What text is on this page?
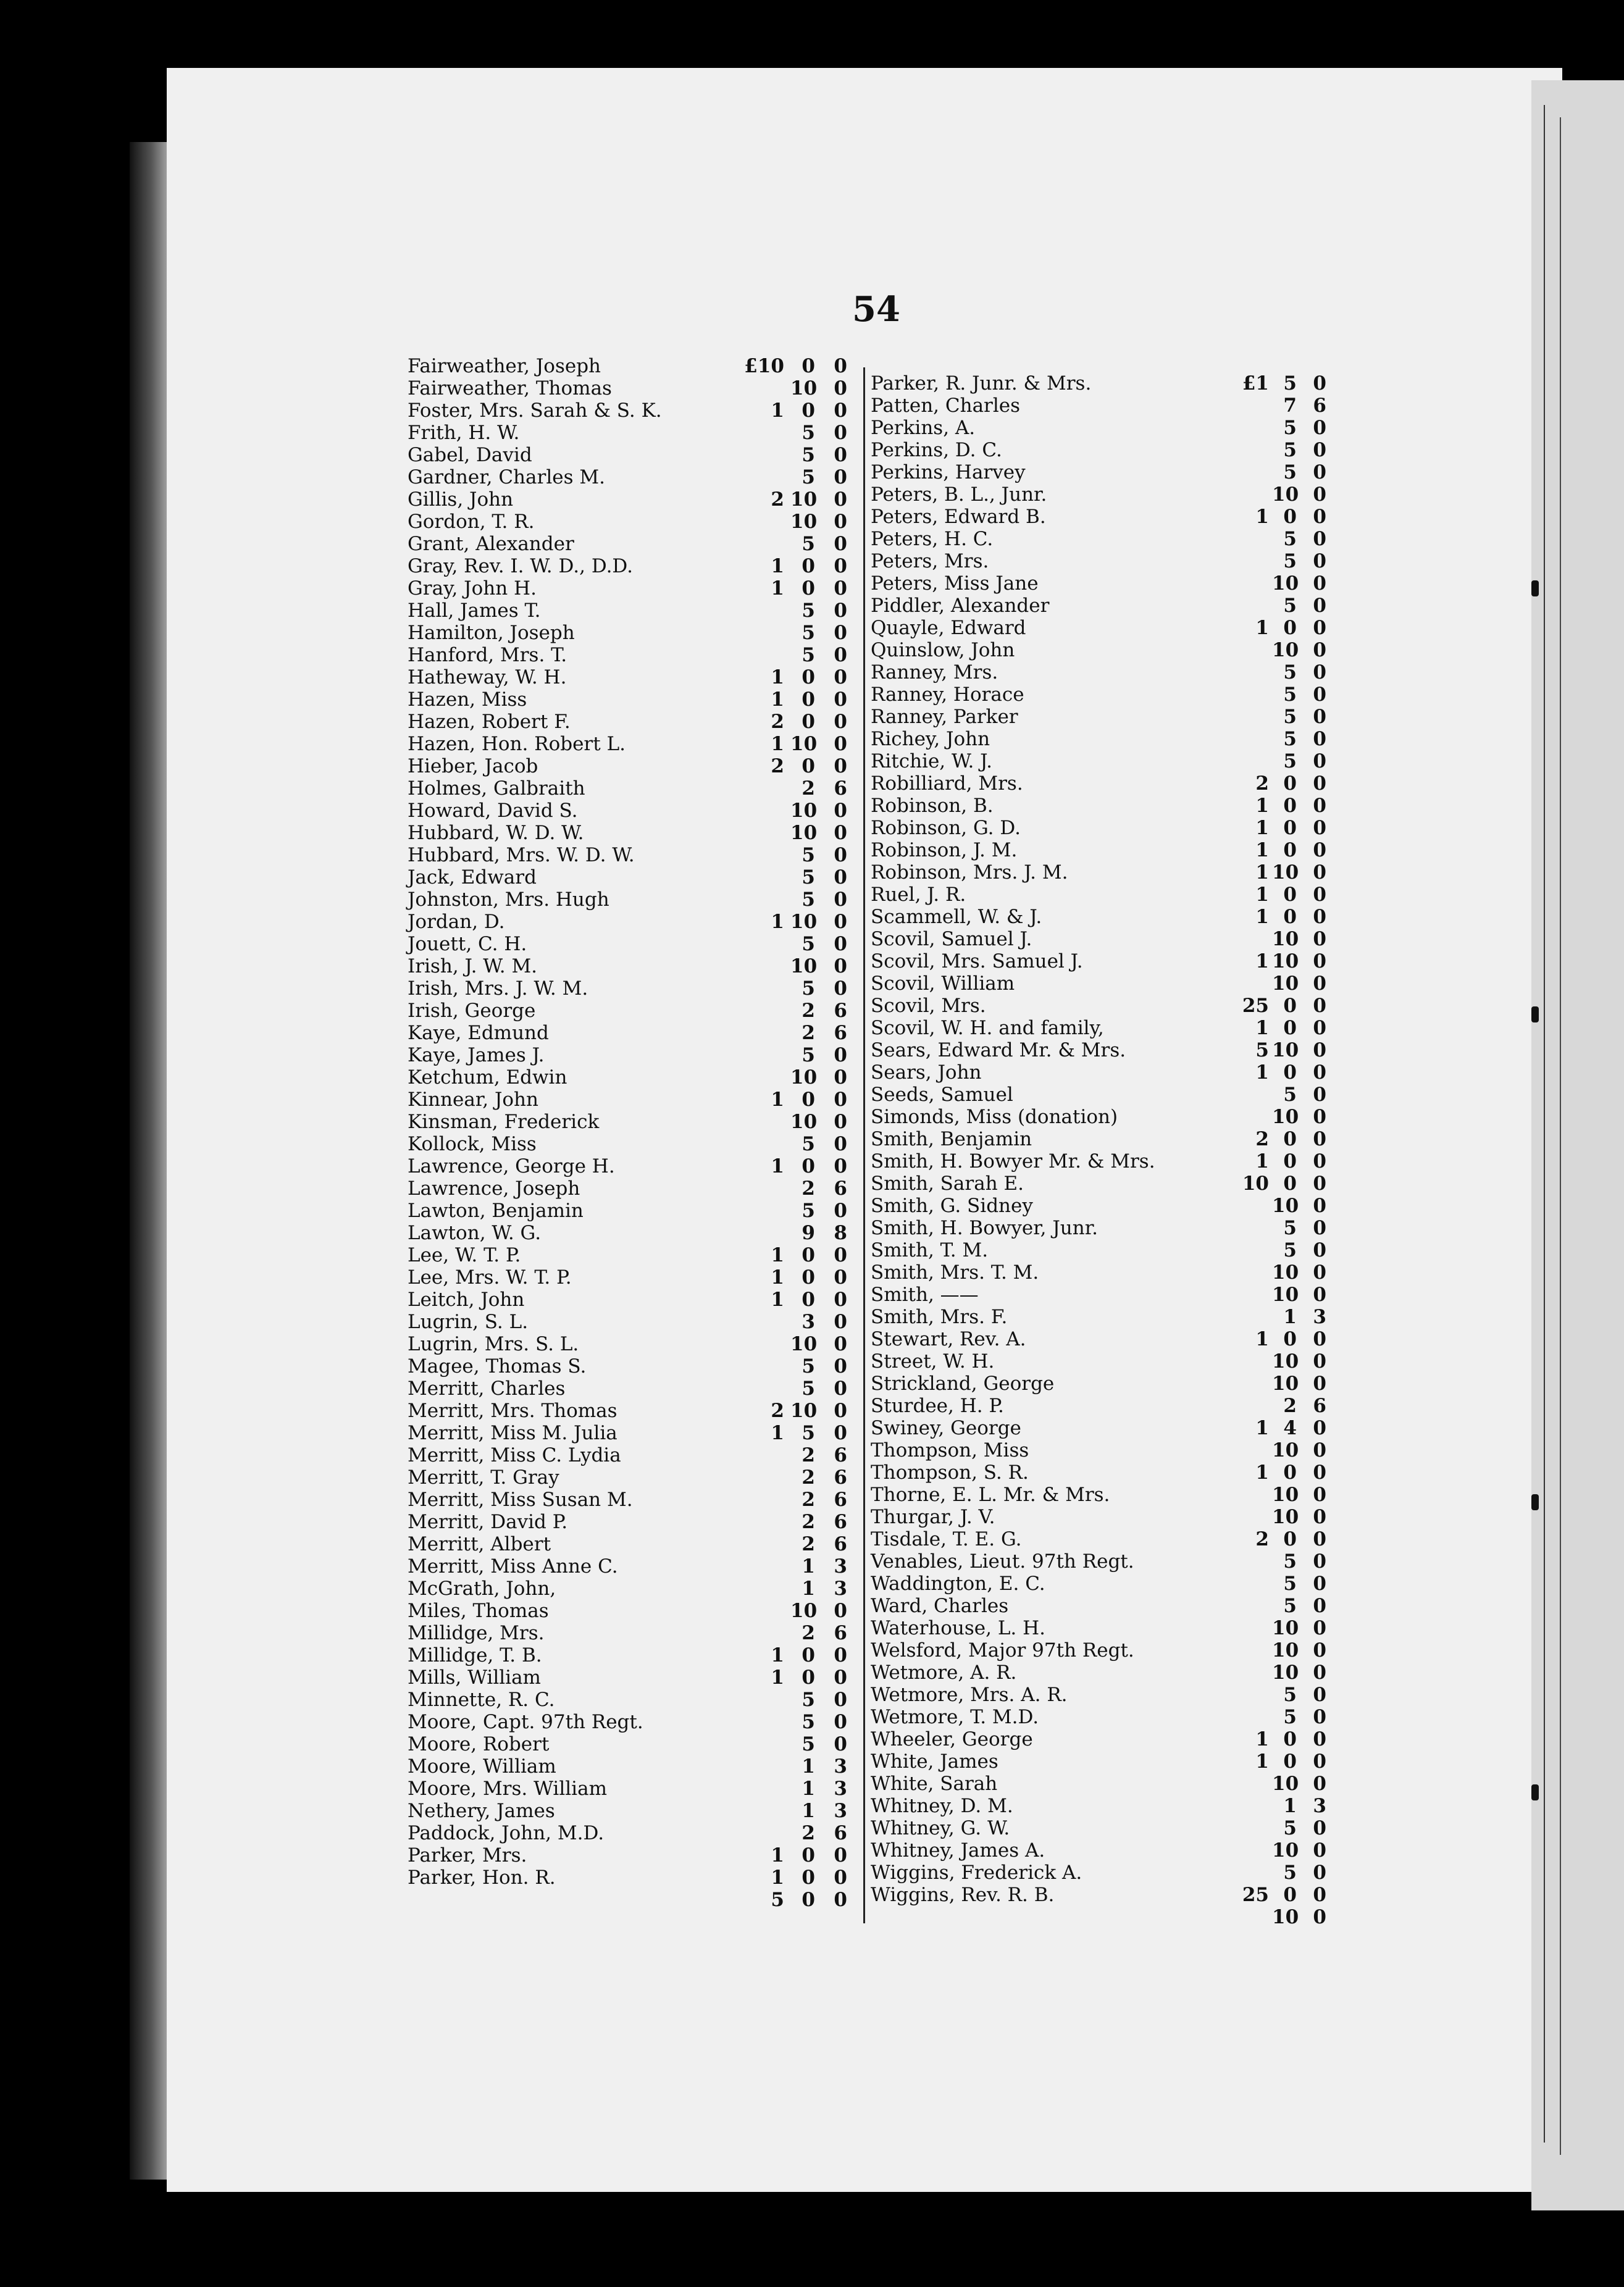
54
Fairweather, Joseph	£10 0 0
Fairweather, Thomas	10 0
Foster, Mrs. Sarah & S. K.	1 0 0
Frith, H. W.	5 0
Gabel, David	5 0
Gardner, Charles M.	5 0
Gillis, John	2 10 0
Gordon, T. R.	10 0
Grant, Alexander	5 0
Gray, Rev. I. W. D., D.D.	1 0 0
Gray, John H.	1 0 0
Hall, James T.	5 0
Hamilton, Joseph	5 0
Hanford, Mrs. T.	5 0
Hatheway, W. H.	1 0 0
Hazen, Miss	1 0 0
Hazen, Robert F.	2 0 0
Hazen, Hon. Robert L.	1 10 0
Hieber, Jacob	2 0 0
Holmes, Galbraith	2 6
Howard, David S.	10 0
Hubbard, W. D. W.	10 0
Hubbard, Mrs. W. D. W.	5 0
Jack, Edward	5 0
Johnston, Mrs. Hugh	5 0
Jordan, D.	1 10 0
Jouett, C. H.	5 0
Irish, J. W. M.	10 0
Irish, Mrs. J. W. M.	5 0
Irish, George	2 6
Kaye, Edmund	2 6
Kaye, James J.	5 0
Ketchum, Edwin	10 0
Kinnear, John	1 0 0
Kinsman, Frederick	10 0
Kollock, Miss	5 0
Lawrence, George H.	1 0 0
Lawrence, Joseph	2 6
Lawton, Benjamin	5 0
Lawton, W. G.	9 8
Lee, W. T. P.	1 0 0
Lee, Mrs. W. T. P.	1 0 0
Leitch, John	1 0 0
Lugrin, S. L.	3 0
Lugrin, Mrs. S. L.	10 0
Magee, Thomas S.	5 0
Merritt, Charles	5 0
Merritt, Mrs. Thomas	2 10 0
Merritt, Miss M. Julia	1 5 0
Merritt, Miss C. Lydia	2 6
Merritt, T. Gray	2 6
Merritt, Miss Susan M.	2 6
Merritt, David P.	2 6
Merritt, Albert	2 6
Merritt, Miss Anne C.	1 3
McGrath, John,	1 3
Miles, Thomas	10 0
Millidge, Mrs.	2 6
Millidge, T. B.	1 0 0
Mills, William	1 0 0
Minnette, R. C.	5 0
Moore, Capt. 97th Regt.	5 0
Moore, Robert	5 0
Moore, William	1 3
Moore, Mrs. William	1 3
Nethery, James	1 3
Paddock, John, M.D.	2 6
Parker, Mrs.	1 0 0
Parker, Hon. R.	1 0 0
5 0 0
Parker, R. Junr. & Mrs.	£1 5 0
Patten, Charles	7 6
Perkins, A.	5 0
Perkins, D. C.	5 0
Perkins, Harvey	5 0
Peters, B. L., Junr.	10 0
Peters, Edward B.	1 0 0
Peters, H. C.	5 0
Peters, Mrs.	5 0
Peters, Miss Jane	10 0
Piddler, Alexander	5 0
Quayle, Edward	1 0 0
Quinslow, John	10 0
Ranney, Mrs.	5 0
Ranney, Horace	5 0
Ranney, Parker	5 0
Richey, John	5 0
Ritchie, W. J.	5 0
Robilliard, Mrs.	2 0 0
Robinson, B.	1 0 0
Robinson, G. D.	1 0 0
Robinson, J. M.	1 0 0
Robinson, Mrs. J. M.	1 10 0
Ruel, J. R.	1 0 0
Scammell, W. & J.	1 0 0
Scovil, Samuel J.	10 0
Scovil, Mrs. Samuel J.	1 10 0
Scovil, William	10 0
Scovil, Mrs.	25 0 0
Scovil, W. H. and family,	1 0 0
Sears, Edward Mr. & Mrs.	5 10 0
Sears, John	1 0 0
Seeds, Samuel	5 0
Simonds, Miss (donation)	10 0
Smith, Benjamin	2 0 0
Smith, H. Bowyer Mr. & Mrs.	1 0 0
Smith, Sarah E.	10 0 0
Smith, G. Sidney	10 0
Smith, H. Bowyer, Junr.	5 0
Smith, T. M.	5 0
Smith, Mrs. T. M.	10 0
Smith, ——	10 0
Smith, Mrs. F.	1 3
Stewart, Rev. A.	1 0 0
Street, W. H.	10 0
Strickland, George	10 0
Sturdee, H. P.	2 6
Swiney, George	1 4 0
Thompson, Miss	10 0
Thompson, S. R.	1 0 0
Thorne, E. L. Mr. & Mrs.	10 0
Thurgar, J. V.	10 0
Tisdale, T. E. G.	2 0 0
Venables, Lieut. 97th Regt.	5 0
Waddington, E. C.	5 0
Ward, Charles	5 0
Waterhouse, L. H.	10 0
Welsford, Major 97th Regt.	10 0
Wetmore, A. R.	10 0
Wetmore, Mrs. A. R.	5 0
Wetmore, T. M.D.	5 0
Wheeler, George	1 0 0
White, James	1 0 0
White, Sarah	10 0
Whitney, D. M.	1 3
Whitney, G. W.	5 0
Whitney, James A.	10 0
Wiggins, Frederick A.	5 0
Wiggins, Rev. R. B.	25 0 0
10 0
